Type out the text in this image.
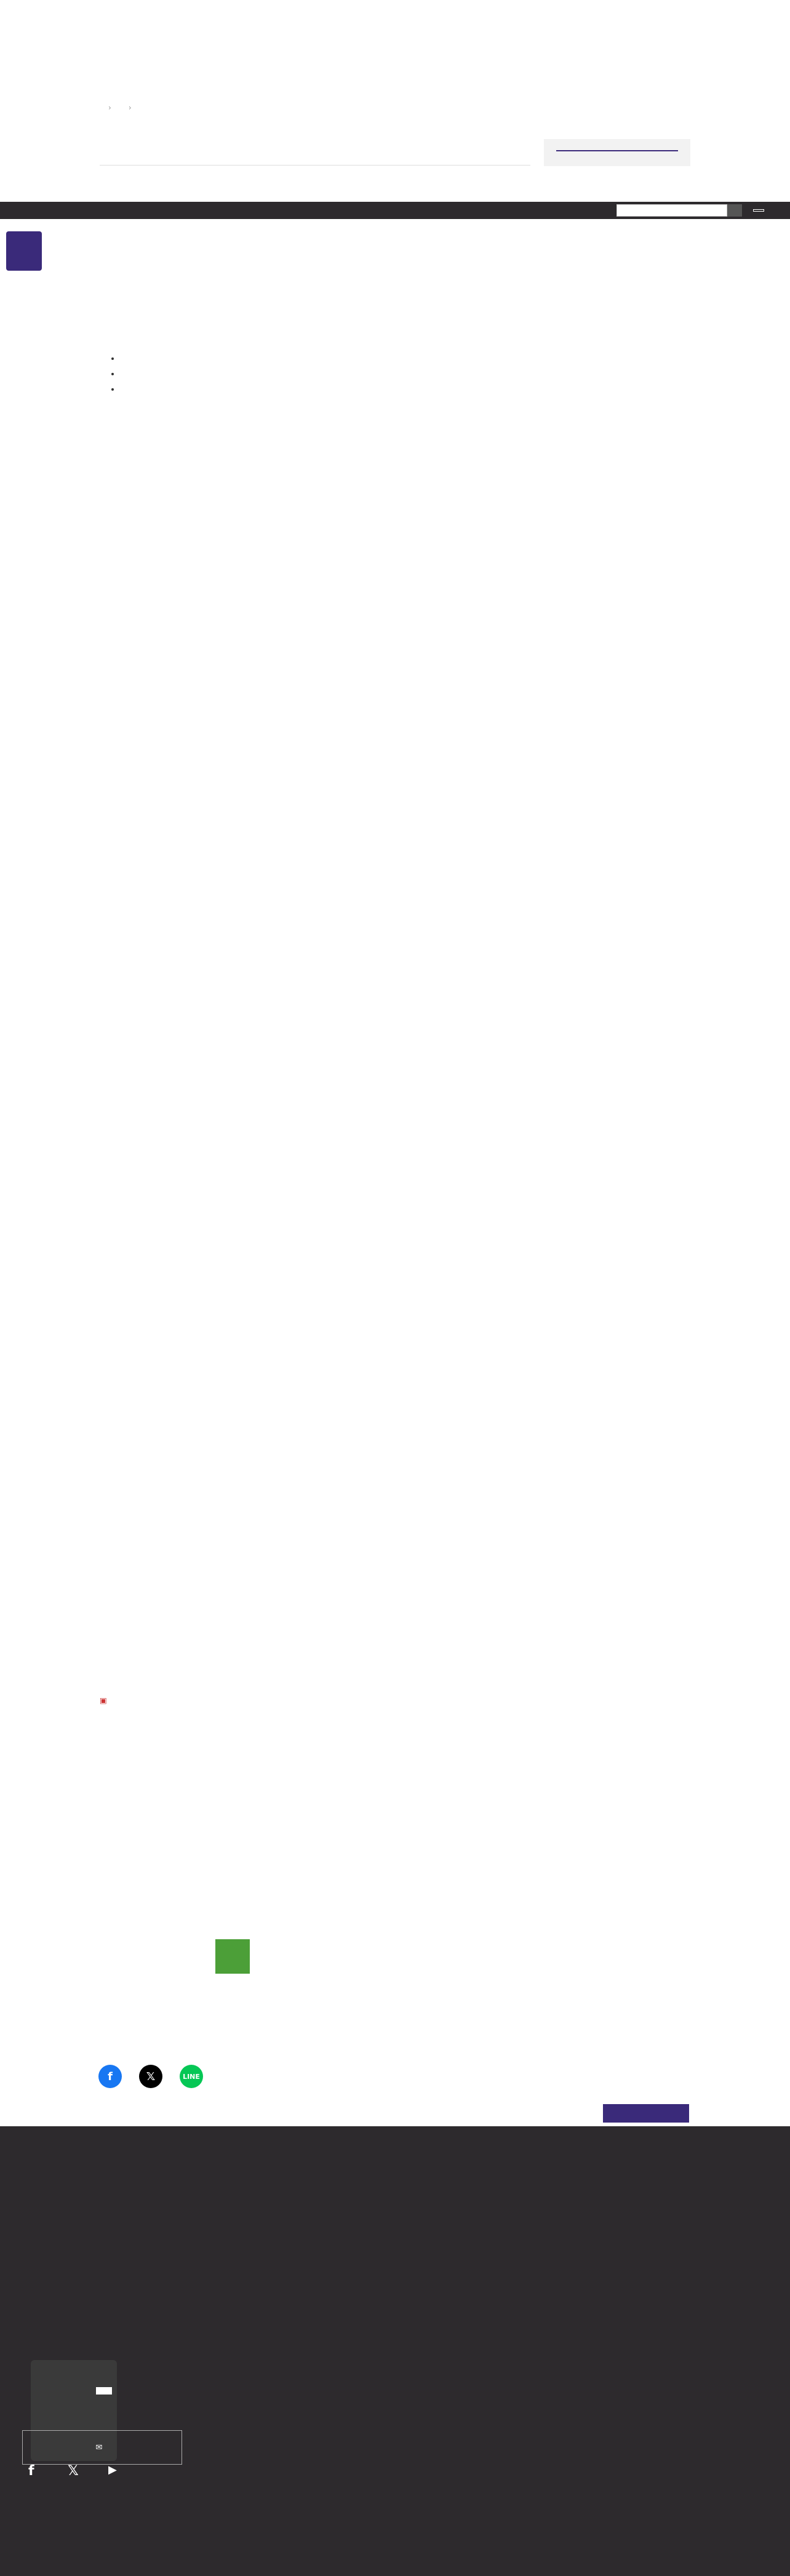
› ›
•
•
•

▣
f	𝕏	LINE
✉
f 𝕏	▶
